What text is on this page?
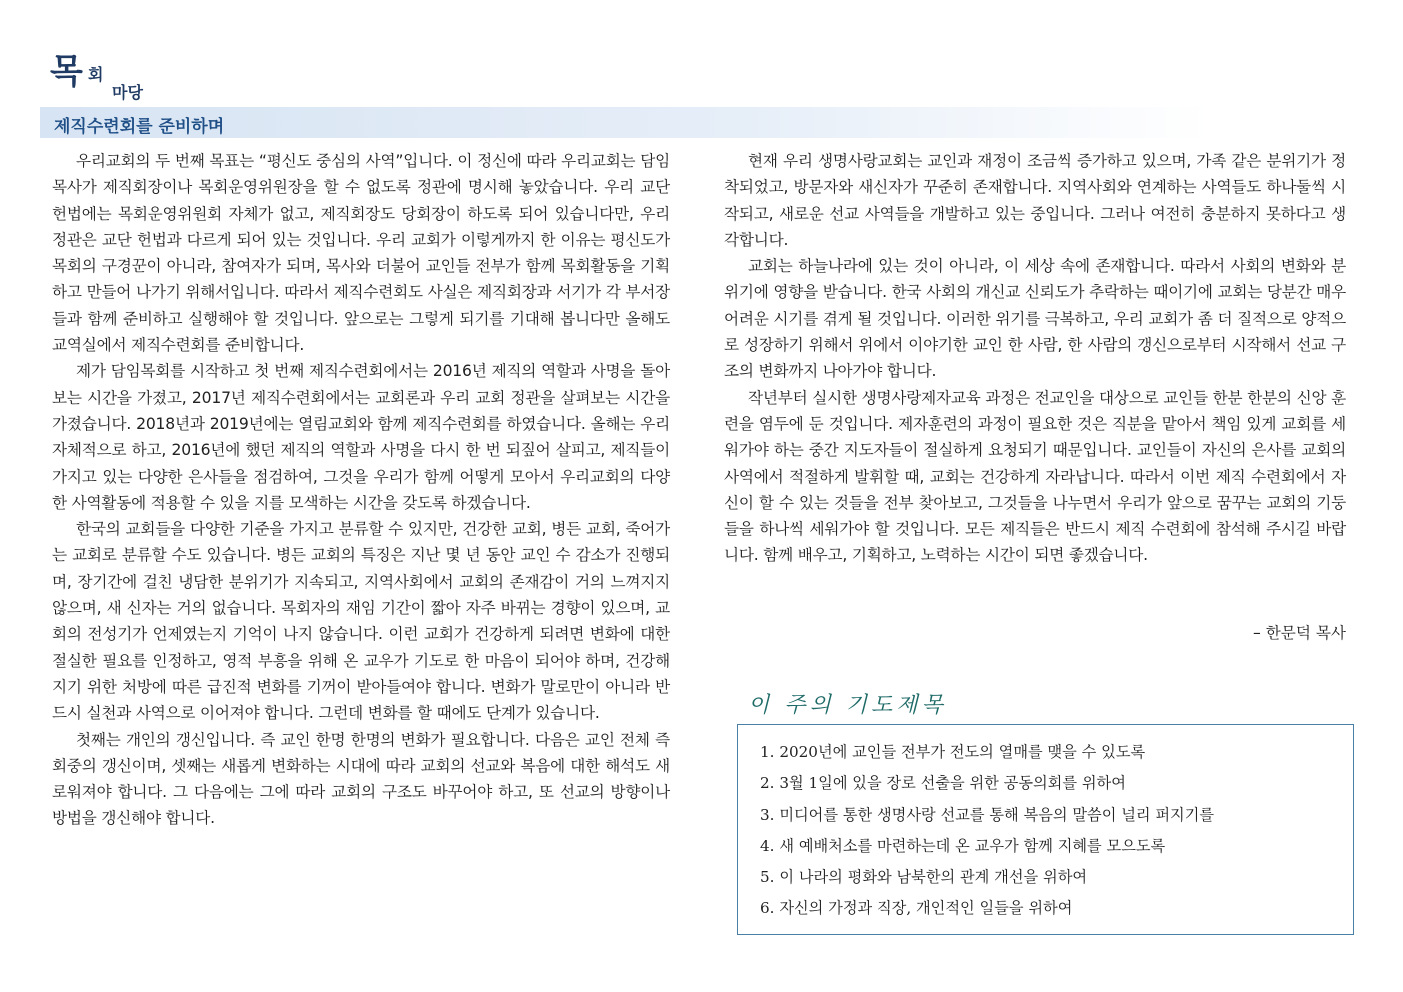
목 회
마당
제직수련회를 준비하며

우리교회의 두 번째 목표는 “평신도 중심의 사역”입니다. 이 정신에 따라 우리교회는 담임목사가 제직회장이나 목회운영위원장을 할 수 없도록 정관에 명시해 놓았습니다. 우리 교단 헌법에는 목회운영위원회 자체가 없고, 제직회장도 당회장이 하도록 되어 있습니다만, 우리 정관은 교단 헌법과 다르게 되어 있는 것입니다. 우리 교회가 이렇게까지 한 이유는 평신도가 목회의 구경꾼이 아니라, 참여자가 되며, 목사와 더불어 교인들 전부가 함께 목회활동을 기획하고 만들어 나가기 위해서입니다. 따라서 제직수련회도 사실은 제직회장과 서기가 각 부서장들과 함께 준비하고 실행해야 할 것입니다. 앞으로는 그렇게 되기를 기대해 봅니다만 올해도 교역실에서 제직수련회를 준비합니다.

제가 담임목회를 시작하고 첫 번째 제직수련회에서는 2016년 제직의 역할과 사명을 돌아보는 시간을 가졌고, 2017년 제직수련회에서는 교회론과 우리 교회 정관을 살펴보는 시간을 가졌습니다. 2018년과 2019년에는 열림교회와 함께 제직수련회를 하였습니다. 올해는 우리 자체적으로 하고, 2016년에 했던 제직의 역할과 사명을 다시 한 번 되짚어 살피고, 제직들이 가지고 있는 다양한 은사들을 점검하여, 그것을 우리가 함께 어떻게 모아서 우리교회의 다양한 사역활동에 적용할 수 있을 지를 모색하는 시간을 갖도록 하겠습니다.

한국의 교회들을 다양한 기준을 가지고 분류할 수 있지만, 건강한 교회, 병든 교회, 죽어가는 교회로 분류할 수도 있습니다. 병든 교회의 특징은 지난 몇 년 동안 교인 수 감소가 진행되며, 장기간에 걸친 냉담한 분위기가 지속되고, 지역사회에서 교회의 존재감이 거의 느껴지지 않으며, 새 신자는 거의 없습니다. 목회자의 재임 기간이 짧아 자주 바뀌는 경향이 있으며, 교회의 전성기가 언제였는지 기억이 나지 않습니다. 이런 교회가 건강하게 되려면 변화에 대한 절실한 필요를 인정하고, 영적 부흥을 위해 온 교우가 기도로 한 마음이 되어야 하며, 건강해지기 위한 처방에 따른 급진적 변화를 기꺼이 받아들여야 합니다. 변화가 말로만이 아니라 반드시 실천과 사역으로 이어져야 합니다. 그런데 변화를 할 때에도 단계가 있습니다.

첫째는 개인의 갱신입니다. 즉 교인 한명 한명의 변화가 필요합니다. 다음은 교인 전체 즉 회중의 갱신이며, 셋째는 새롭게 변화하는 시대에 따라 교회의 선교와 복음에 대한 해석도 새로워져야 합니다. 그 다음에는 그에 따라 교회의 구조도 바꾸어야 하고, 또 선교의 방향이나 방법을 갱신해야 합니다.

현재 우리 생명사랑교회는 교인과 재정이 조금씩 증가하고 있으며, 가족 같은 분위기가 정착되었고, 방문자와 새신자가 꾸준히 존재합니다. 지역사회와 연계하는 사역들도 하나둘씩 시작되고, 새로운 선교 사역들을 개발하고 있는 중입니다. 그러나 여전히 충분하지 못하다고 생각합니다.

교회는 하늘나라에 있는 것이 아니라, 이 세상 속에 존재합니다. 따라서 사회의 변화와 분위기에 영향을 받습니다. 한국 사회의 개신교 신뢰도가 추락하는 때이기에 교회는 당분간 매우 어려운 시기를 겪게 될 것입니다. 이러한 위기를 극복하고, 우리 교회가 좀 더 질적으로 양적으로 성장하기 위해서 위에서 이야기한 교인 한 사람, 한 사람의 갱신으로부터 시작해서 선교 구조의 변화까지 나아가야 합니다.

작년부터 실시한 생명사랑제자교육 과정은 전교인을 대상으로 교인들 한분 한분의 신앙 훈련을 염두에 둔 것입니다. 제자훈련의 과정이 필요한 것은 직분을 맡아서 책임 있게 교회를 세워가야 하는 중간 지도자들이 절실하게 요청되기 때문입니다. 교인들이 자신의 은사를 교회의 사역에서 적절하게 발휘할 때, 교회는 건강하게 자라납니다. 따라서 이번 제직 수련회에서 자신이 할 수 있는 것들을 전부 찾아보고, 그것들을 나누면서 우리가 앞으로 꿈꾸는 교회의 기둥들을 하나씩 세워가야 할 것입니다. 모든 제직들은 반드시 제직 수련회에 참석해 주시길 바랍니다. 함께 배우고, 기획하고, 노력하는 시간이 되면 좋겠습니다.

– 한문덕 목사
이 주의 기도제목
1. 2020년에 교인들 전부가 전도의 열매를 맺을 수 있도록
2. 3월 1일에 있을 장로 선출을 위한 공동의회를 위하여
3. 미디어를 통한 생명사랑 선교를 통해 복음의 말씀이 널리 퍼지기를
4. 새 예배처소를 마련하는데 온 교우가 함께 지혜를 모으도록
5. 이 나라의 평화와 남북한의 관계 개선을 위하여
6. 자신의 가정과 직장, 개인적인 일들을 위하여
